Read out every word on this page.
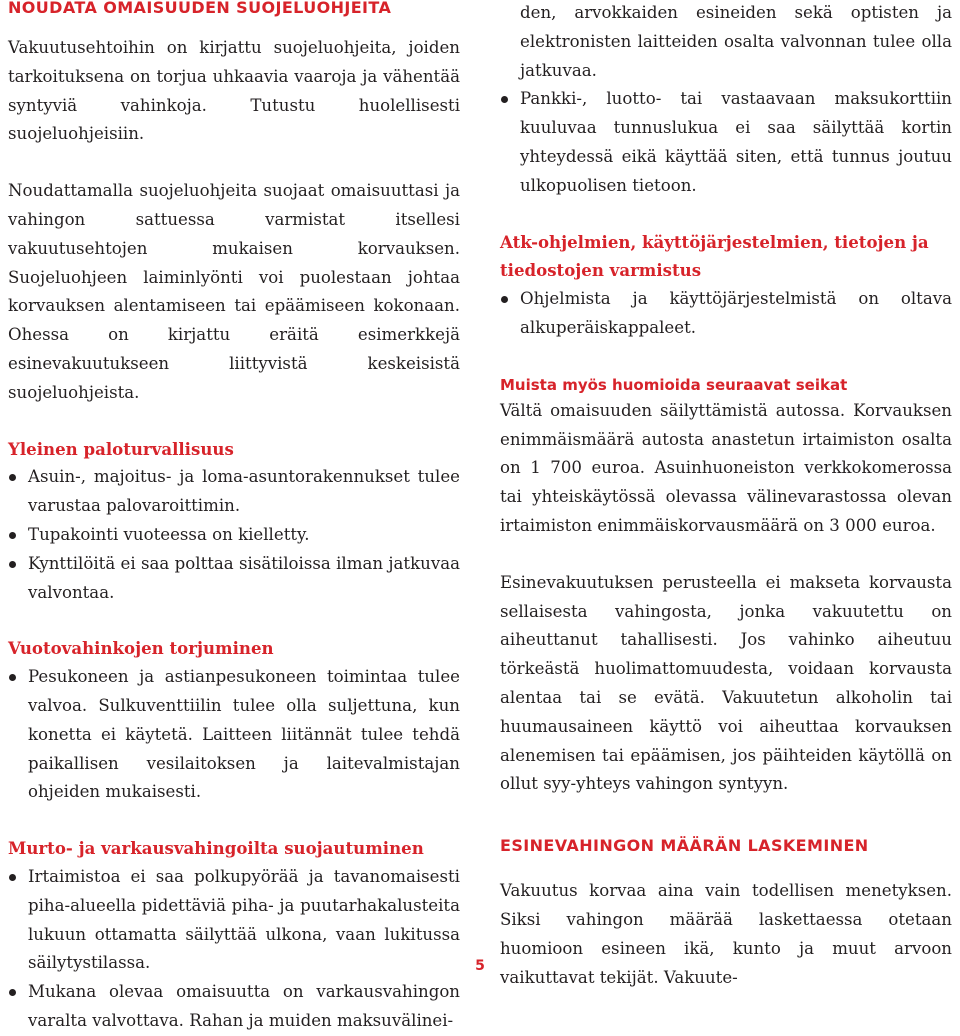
NOUDATA OMAISUUDEN SUOJELUOHJEITA

Vakuutusehtoihin on kirjattu suojeluohjeita, joiden tarkoituksena on torjua uhkaavia vaaroja ja vähentää syntyviä vahinkoja. Tutustu huolellisesti suojeluohjeisiin.

Noudattamalla suojeluohjeita suojaat omaisuuttasi ja vahingon sattuessa varmistat itsellesi vakuutusehtojen mukaisen korvauksen. Suojeluohjeen laiminlyönti voi puolestaan johtaa korvauksen alentamiseen tai epäämiseen kokonaan. Ohessa on kirjattu eräitä esimerkkejä esinevakuutukseen liittyvistä keskeisistä suojeluohjeista.

Yleinen paloturvallisuus
Asuin-, majoitus- ja loma-asuntorakennukset tulee varustaa palovaroittimin.
Tupakointi vuoteessa on kielletty.
Kynttilöitä ei saa polttaa sisätiloissa ilman jatkuvaa valvontaa.
Vuotovahinkojen torjuminen
Pesukoneen ja astianpesukoneen toimintaa tulee valvoa. Sulkuventtiilin tulee olla suljettuna, kun konetta ei käytetä. Laitteen liitännät tulee tehdä paikallisen vesilaitoksen ja laitevalmistajan ohjeiden mukaisesti.
Murto- ja varkausvahingoilta suojautuminen
Irtaimistoa ei saa polkupyörää ja tavanomaisesti piha-alueella pidettäviä piha- ja puutarhakalusteita lukuun ottamatta säilyttää ulkona, vaan lukitussa säilytystilassa.
Mukana olevaa omaisuutta on varkausvahingon varalta valvottava. Rahan ja muiden maksuvälinei-

den, arvokkaiden esineiden sekä optisten ja elektronisten laitteiden osalta valvonnan tulee olla jatkuvaa.

Pankki-, luotto- tai vastaavaan maksukorttiin kuuluvaa tunnuslukua ei saa säilyttää kortin yhteydessä eikä käyttää siten, että tunnus joutuu ulkopuolisen tietoon.
Atk-ohjelmien, käyttöjärjestelmien, tietojen ja tiedostojen varmistus
Ohjelmista ja käyttöjärjestelmistä on oltava alkuperäiskappaleet.
Muista myös huomioida seuraavat seikat

Vältä omaisuuden säilyttämistä autossa. Korvauksen enimmäismäärä autosta anastetun irtaimiston osalta on 1 700 euroa. Asuinhuoneiston verkkokomerossa tai yhteiskäytössä olevassa välinevarastossa olevan irtaimiston enimmäiskorvausmäärä on 3 000 euroa.

Esinevakuutuksen perusteella ei makseta korvausta sellaisesta vahingosta, jonka vakuutettu on aiheuttanut tahallisesti. Jos vahinko aiheutuu törkeästä huolimattomuudesta, voidaan korvausta alentaa tai se evätä. Vakuutetun alkoholin tai huumausaineen käyttö voi aiheuttaa korvauksen alenemisen tai epäämisen, jos päihteiden käytöllä on ollut syy-yhteys vahingon syntyyn.

ESINEVAHINGON MÄÄRÄN LASKEMINEN

Vakuutus korvaa aina vain todellisen menetyksen. Siksi vahingon määrää laskettaessa otetaan huomioon esineen ikä, kunto ja muut arvoon vaikuttavat tekijät. Vakuute-

5
